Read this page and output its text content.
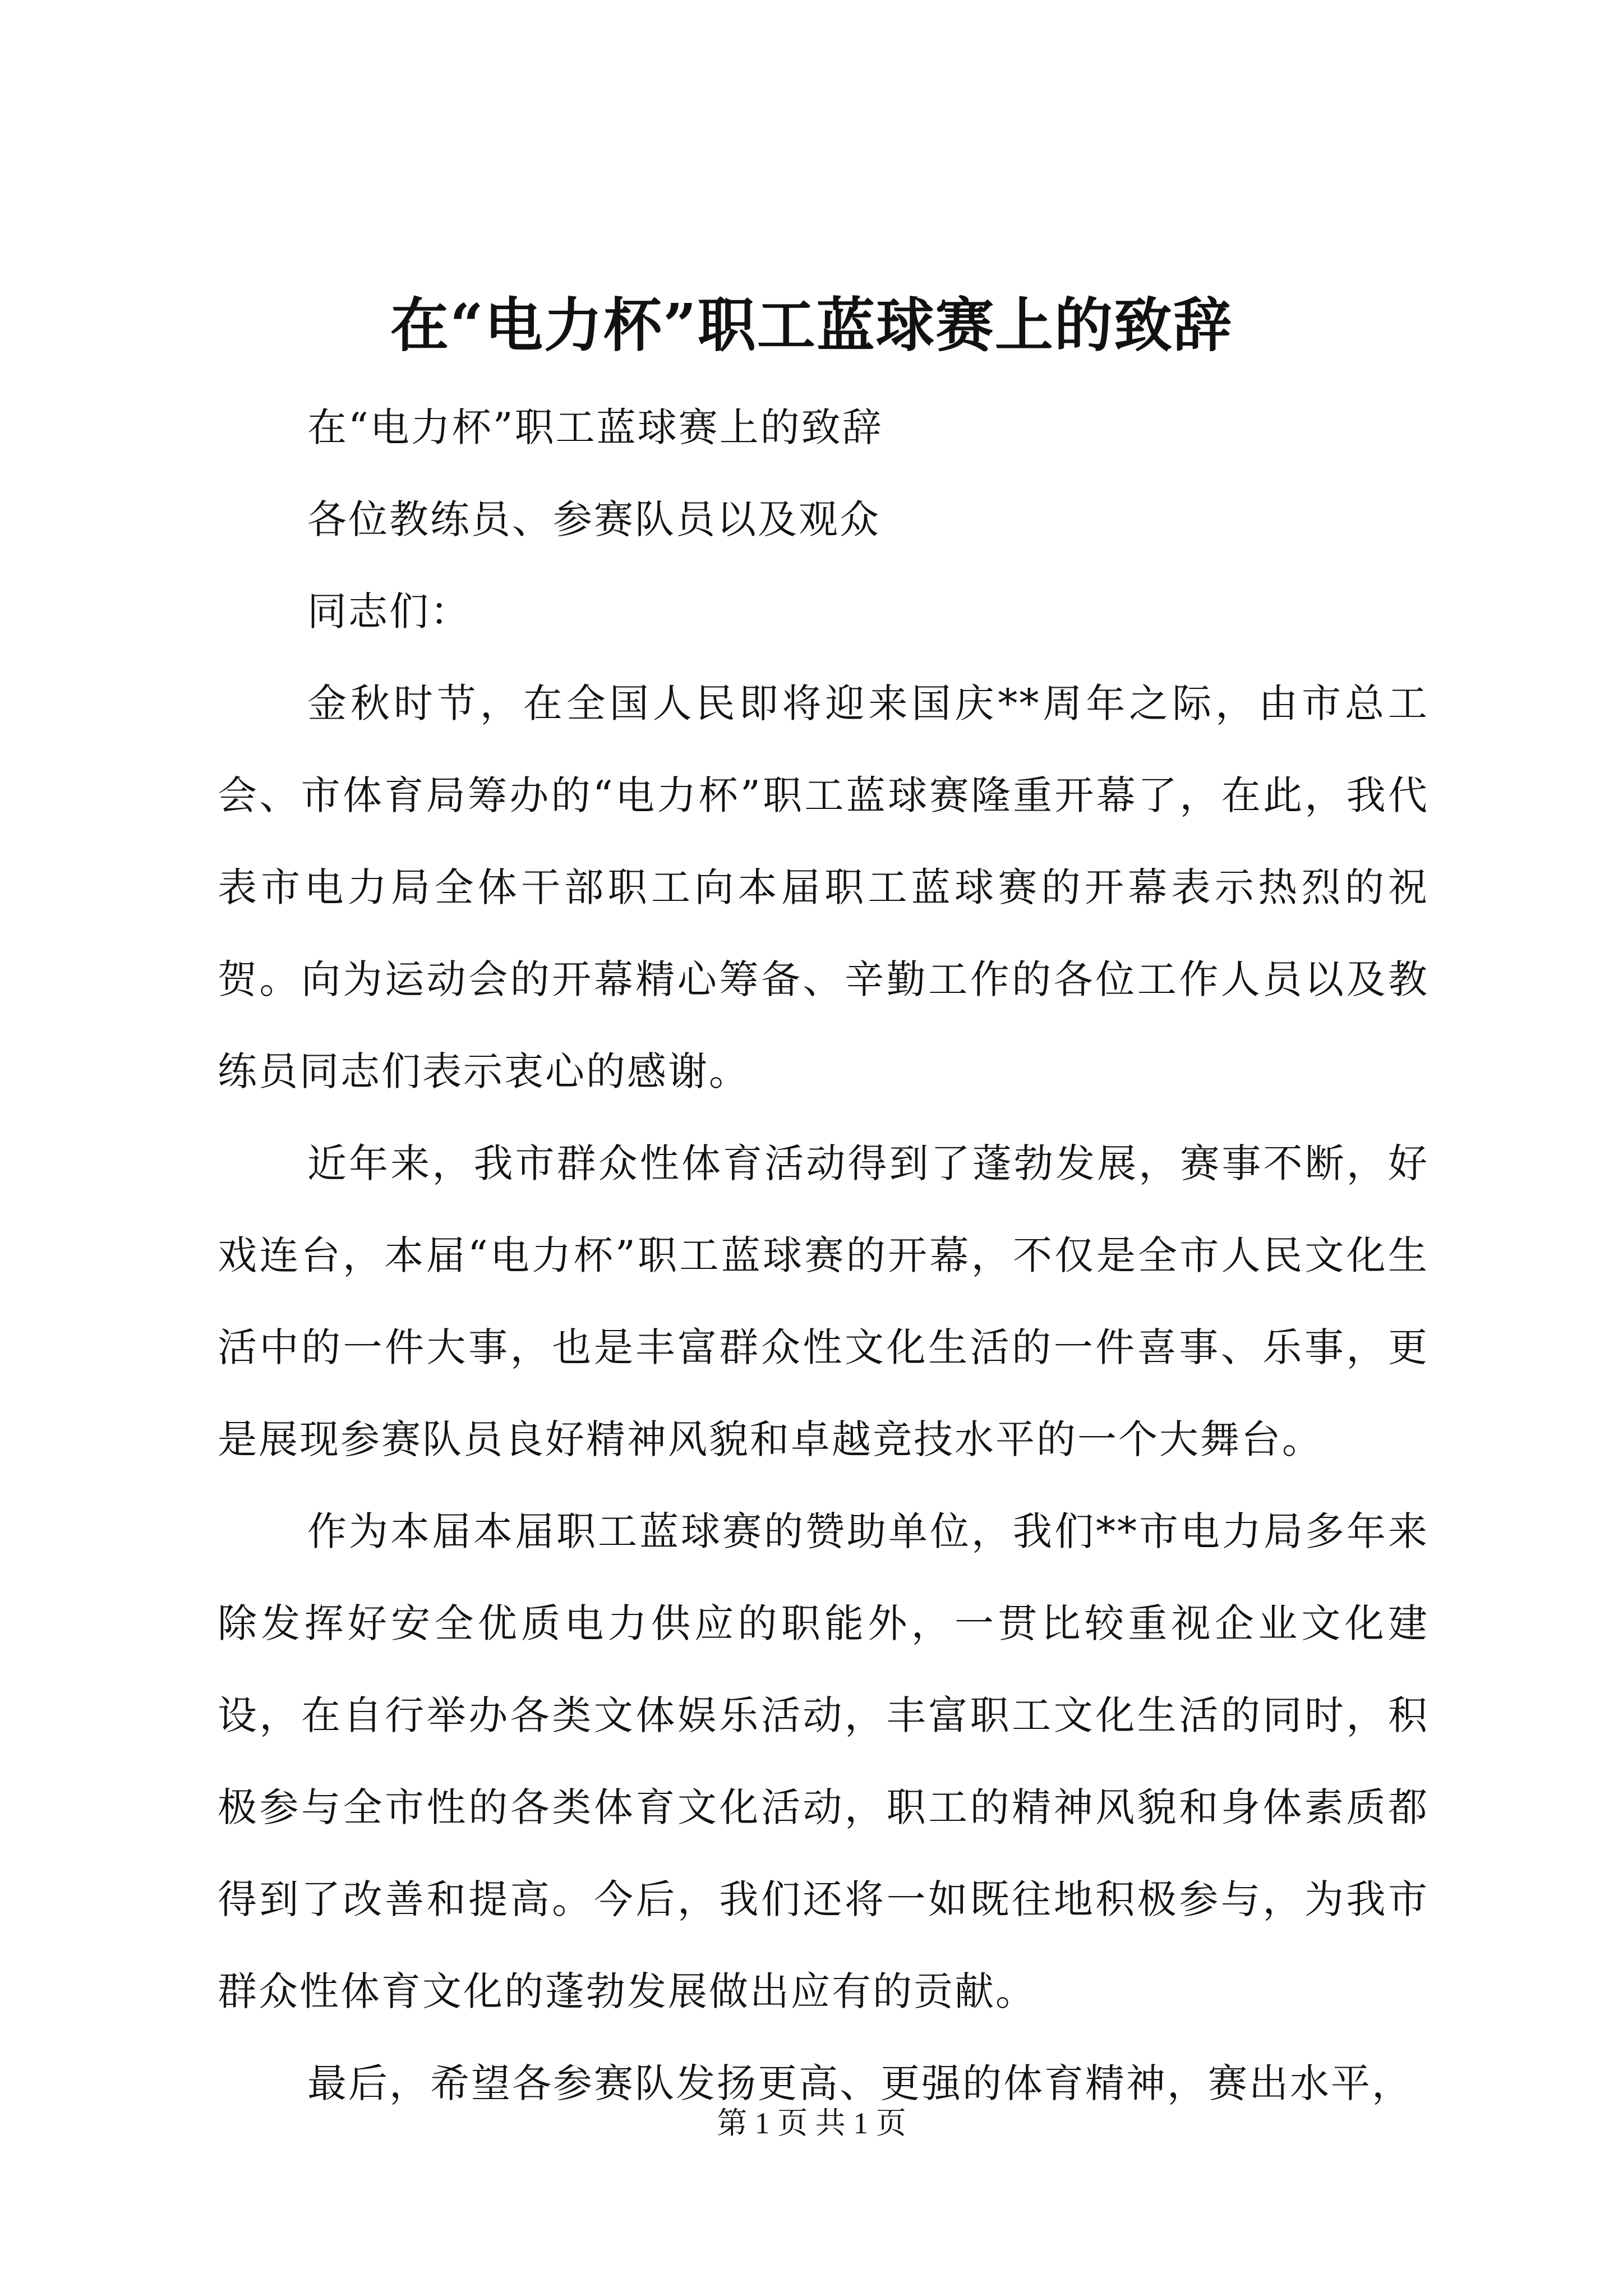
在“电力杯”职工蓝球赛上的致辞

在“电力杯”职工蓝球赛上的致辞

各位教练员、参赛队员以及观众

同志们：

金秋时节，在全国人民即将迎来国庆**周年之际，由市总工会、市体育局筹办的“电力杯”职工蓝球赛隆重开幕了，在此，我代表市电力局全体干部职工向本届职工蓝球赛的开幕表示热烈的祝贺。向为运动会的开幕精心筹备、辛勤工作的各位工作人员以及教练员同志们表示衷心的感谢。

近年来，我市群众性体育活动得到了蓬勃发展，赛事不断，好戏连台，本届“电力杯”职工蓝球赛的开幕，不仅是全市人民文化生活中的一件大事，也是丰富群众性文化生活的一件喜事、乐事，更是展现参赛队员良好精神风貌和卓越竞技水平的一个大舞台。

作为本届本届职工蓝球赛的赞助单位，我们**市电力局多年来除发挥好安全优质电力供应的职能外，一贯比较重视企业文化建设，在自行举办各类文体娱乐活动，丰富职工文化生活的同时，积极参与全市性的各类体育文化活动，职工的精神风貌和身体素质都得到了改善和提高。今后，我们还将一如既往地积极参与，为我市群众性体育文化的蓬勃发展做出应有的贡献。

最后，希望各参赛队发扬更高、更强的体育精神，赛出水平，

第 1 页 共 1 页
